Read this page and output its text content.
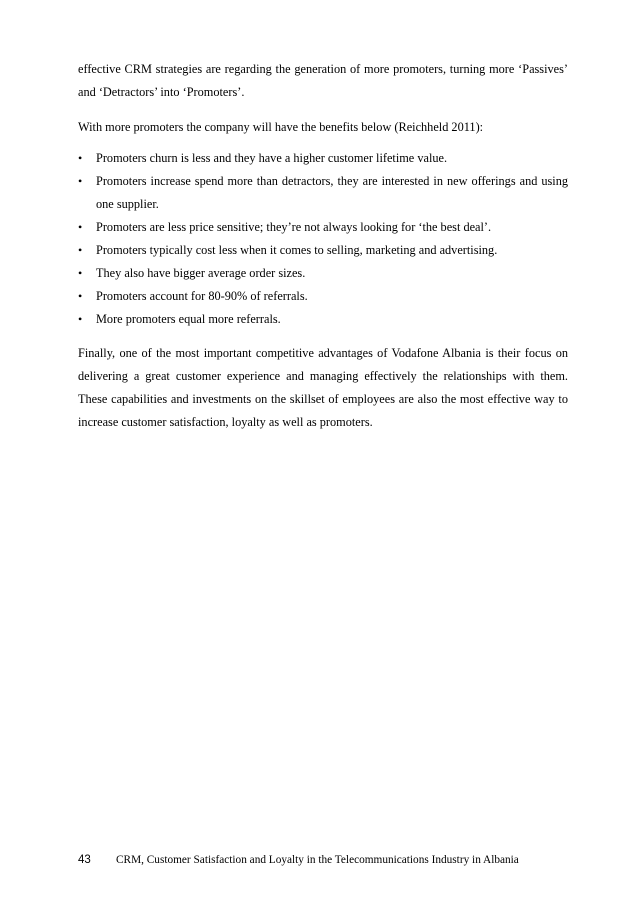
effective CRM strategies are regarding the generation of more promoters, turning more ‘Passives’ and ‘Detractors’ into ‘Promoters’.

With more promoters the company will have the benefits below (Reichheld 2011):

• Promoters churn is less and they have a higher customer lifetime value.
• Promoters increase spend more than detractors, they are interested in new offerings and using one supplier.
• Promoters are less price sensitive; they’re not always looking for ‘the best deal’.
• Promoters typically cost less when it comes to selling, marketing and advertising.
• They also have bigger average order sizes.
• Promoters account for 80-90% of referrals.
• More promoters equal more referrals.

Finally, one of the most important competitive advantages of Vodafone Albania is their focus on delivering a great customer experience and managing effectively the relationships with them. These capabilities and investments on the skillset of employees are also the most effective way to increase customer satisfaction, loyalty as well as promoters.

43 CRM, Customer Satisfaction and Loyalty in the Telecommunications Industry in Albania
